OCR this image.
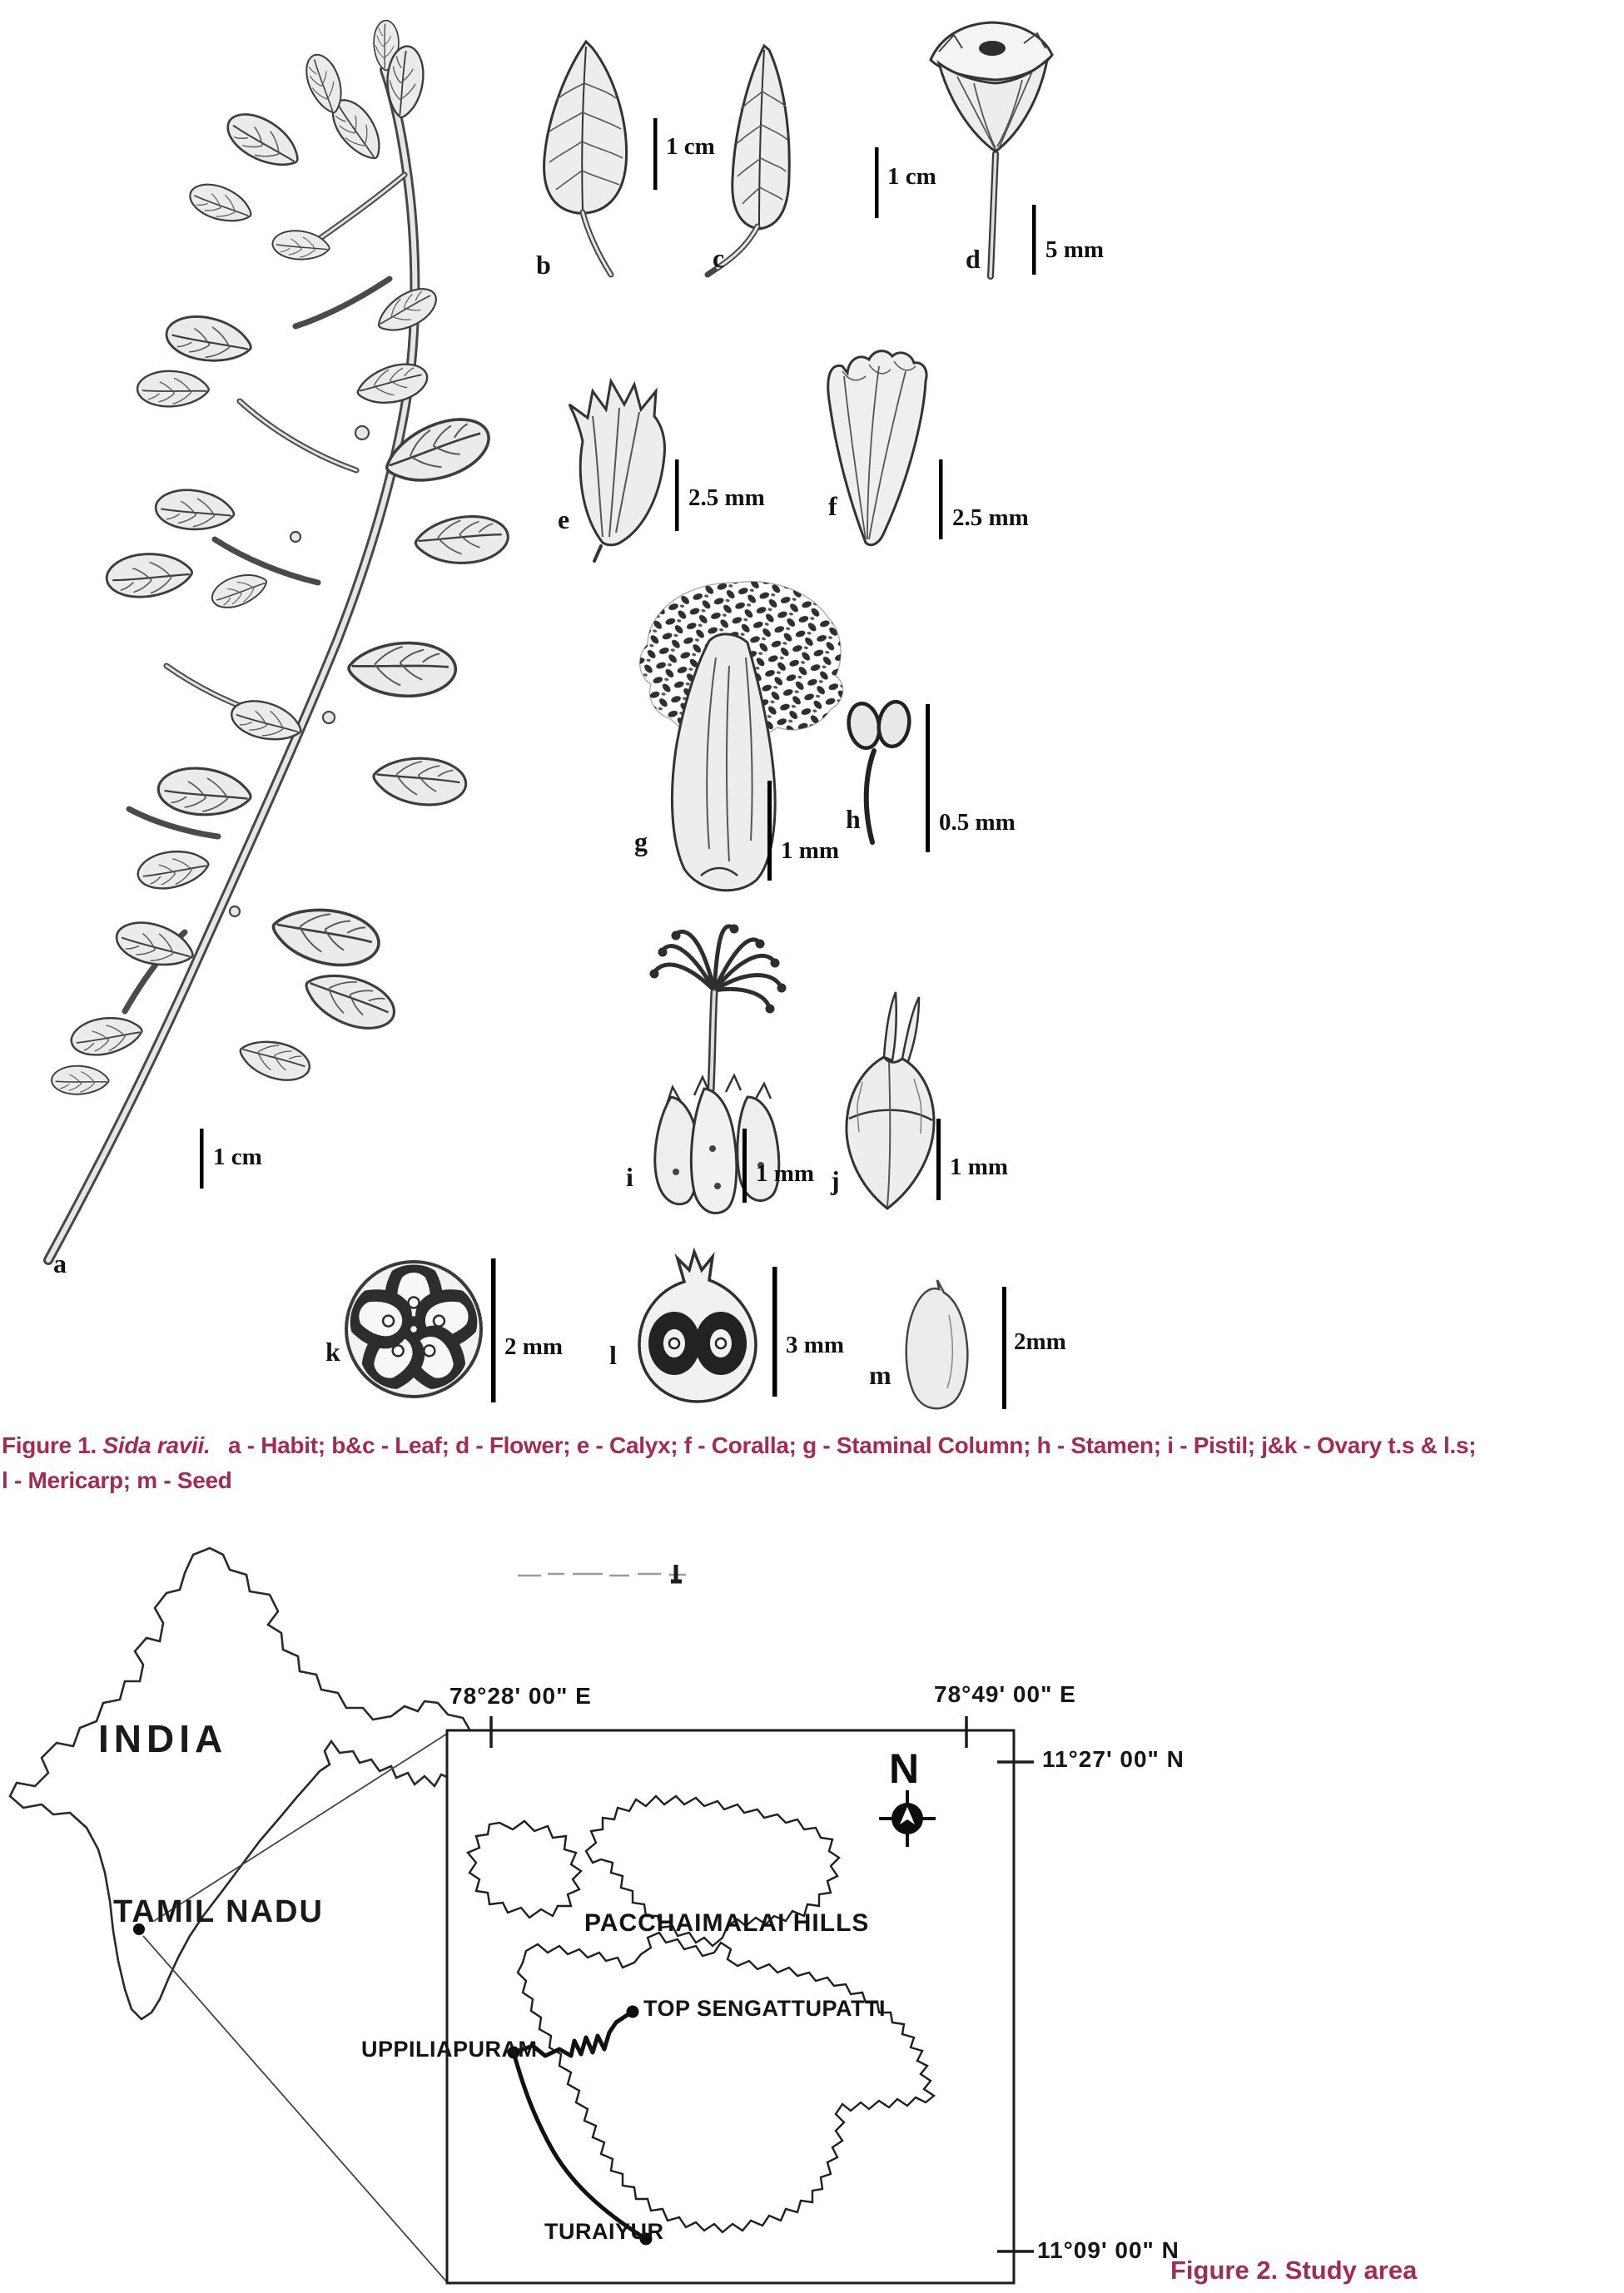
a
b	c	d
e	f
g
h
i	j
k	l
m
1 cm
1 cm
1 cm
5 mm
2.5 mm
2.5 mm
1 mm
0.5 mm
1 mm	1 mm
2 mm	3 mm	2mm
Figure 1. Sida ravii. a - Habit; b&c - Leaf; d - Flower; e - Calyx; f - Coralla; g - Staminal Column; h - Stamen; i - Pistil; j&k - Ovary t.s & l.s;
l - Mericarp; m - Seed
INDIA
TAMIL NADU	PACCHAIMALAI HILLS
N
78°28' 00" E	78°49' 00" E
11°27' 00" N
11°09' 00" N
TOP SENGATTUPATTI
UPPILIAPURAM
TURAIYUR
Figure 2. Study area
